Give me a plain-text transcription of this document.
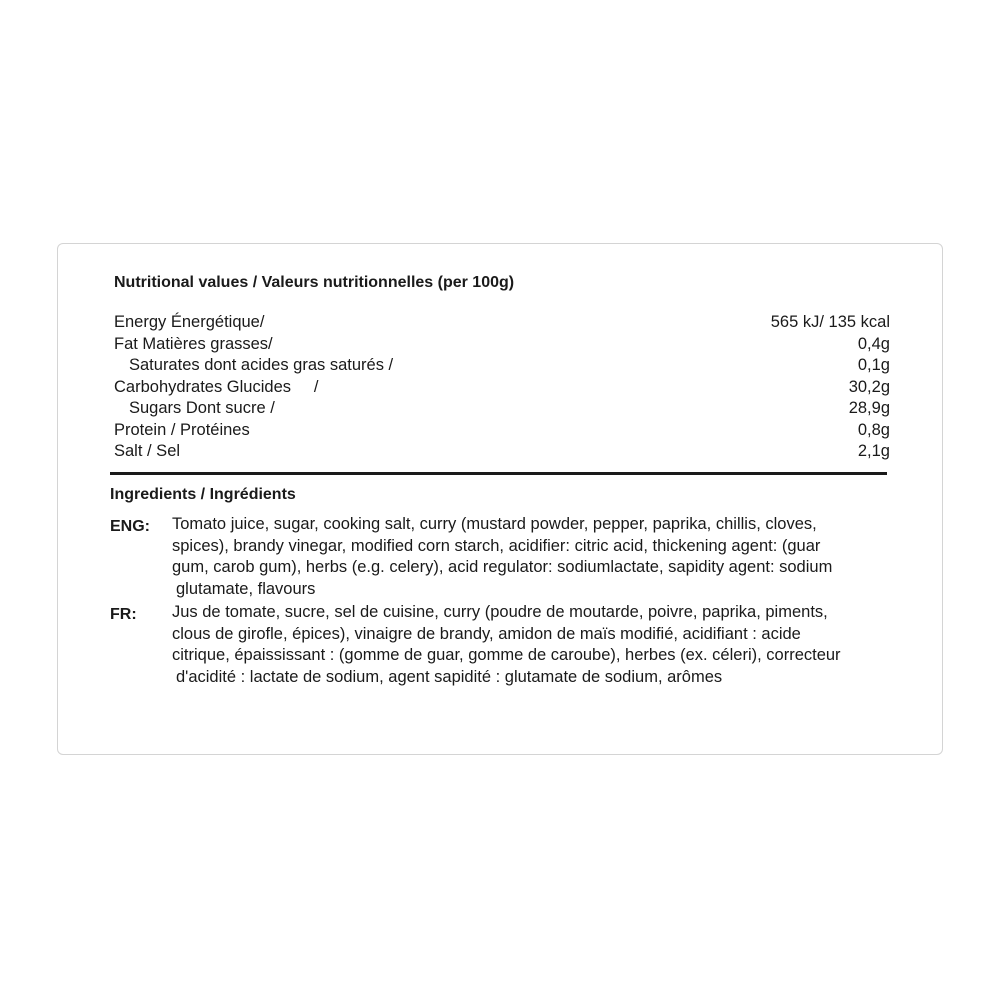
Nutritional values / Valeurs nutritionnelles (per 100g)
Energy Énergétique/	565 kJ/ 135 kcal
Fat Matières grasses/	0,4g
Saturates dont acides gras saturés /	0,1g
Carbohydrates Glucides     /	30,2g
Sugars Dont sucre /	28,9g
Protein / Protéines	0,8g
Salt / Sel	2,1g
Ingredients / Ingrédients
ENG: Tomato juice, sugar, cooking salt, curry (mustard powder, pepper, paprika, chillis, cloves,
spices), brandy vinegar, modified corn starch, acidifier: citric acid, thickening agent: (guar
gum, carob gum), herbs (e.g. celery), acid regulator: sodiumlactate, sapidity agent: sodium
glutamate, flavours
FR: Jus de tomate, sucre, sel de cuisine, curry (poudre de moutarde, poivre, paprika, piments,
clous de girofle, épices), vinaigre de brandy, amidon de maïs modifié, acidifiant : acide
citrique, épaississant : (gomme de guar, gomme de caroube), herbes (ex. céleri), correcteur
d'acidité : lactate de sodium, agent sapidité : glutamate de sodium, arômes
